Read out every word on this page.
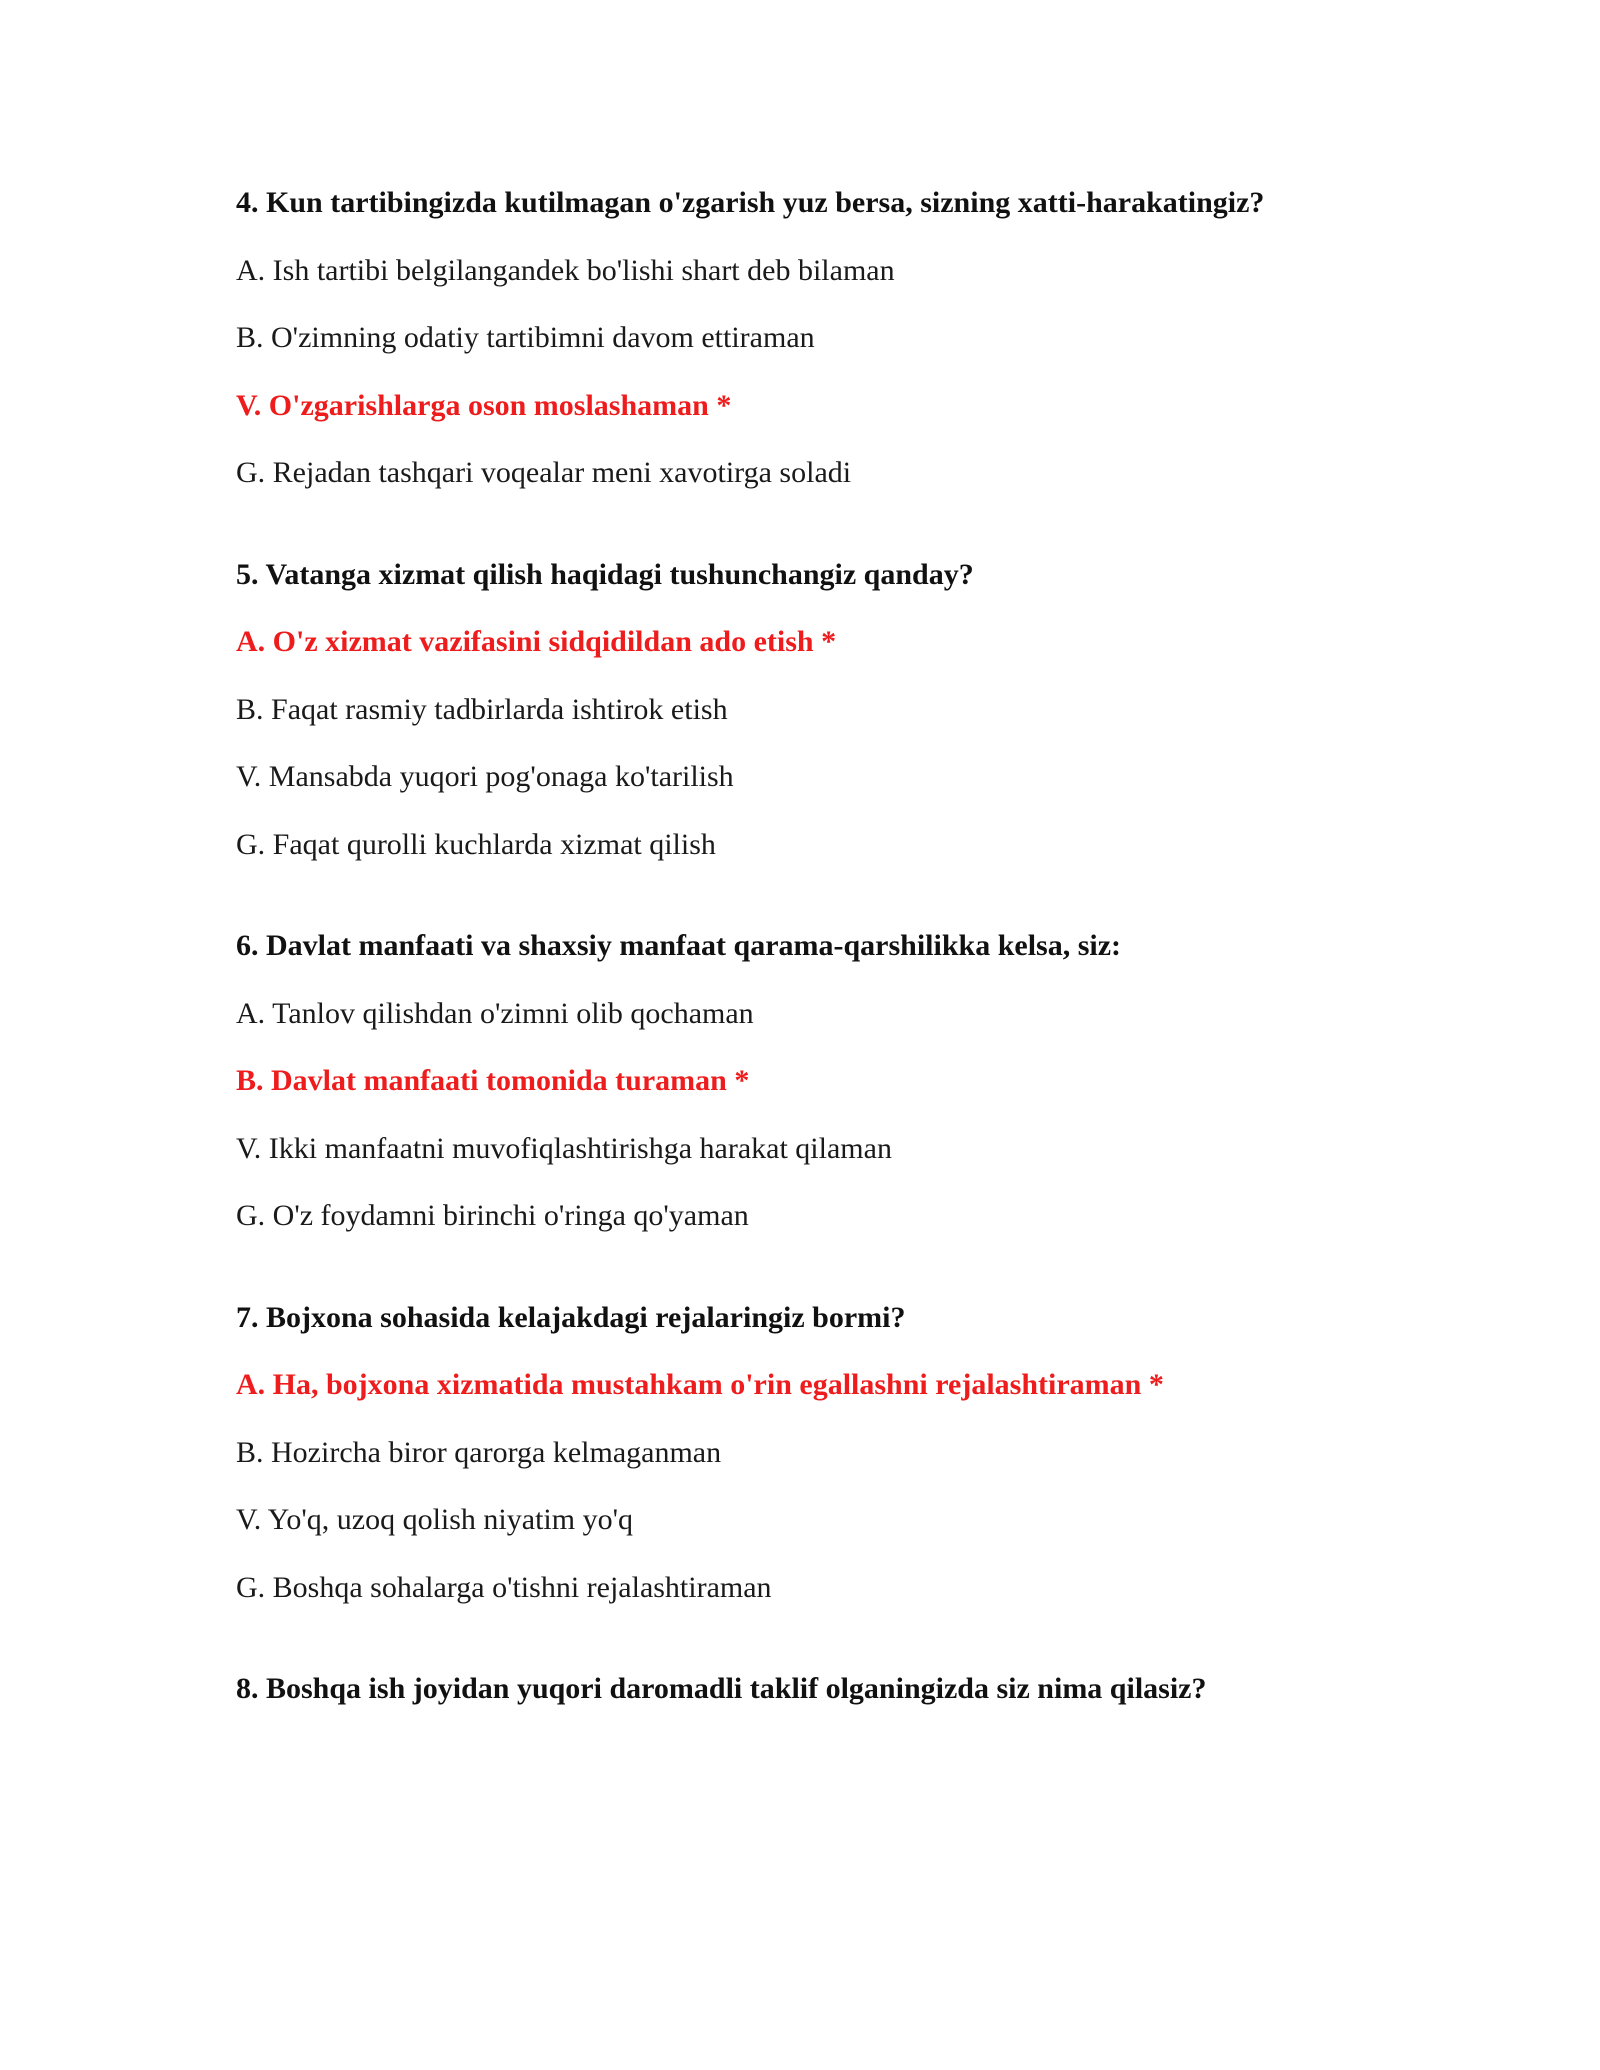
4. Kun tartibingizda kutilmagan o'zgarish yuz bersa, sizning xatti-harakatingiz?
A. Ish tartibi belgilangandek bo'lishi shart deb bilaman
B. O'zimning odatiy tartibimni davom ettiraman
V. O'zgarishlarga oson moslashaman *
G. Rejadan tashqari voqealar meni xavotirga soladi
5. Vatanga xizmat qilish haqidagi tushunchangiz qanday?
A. O'z xizmat vazifasini sidqidildan ado etish *
B. Faqat rasmiy tadbirlarda ishtirok etish
V. Mansabda yuqori pog'onaga ko'tarilish
G. Faqat qurolli kuchlarda xizmat qilish
6. Davlat manfaati va shaxsiy manfaat qarama-qarshilikka kelsa, siz:
A. Tanlov qilishdan o'zimni olib qochaman
B. Davlat manfaati tomonida turaman *
V. Ikki manfaatni muvofiqlashtirishga harakat qilaman
G. O'z foydamni birinchi o'ringa qo'yaman
7. Bojxona sohasida kelajakdagi rejalaringiz bormi?
A. Ha, bojxona xizmatida mustahkam o'rin egallashni rejalashtiraman *
B. Hozircha biror qarorga kelmaganman
V. Yo'q, uzoq qolish niyatim yo'q
G. Boshqa sohalarga o'tishni rejalashtiraman
8. Boshqa ish joyidan yuqori daromadli taklif olganingizda siz nima qilasiz?
